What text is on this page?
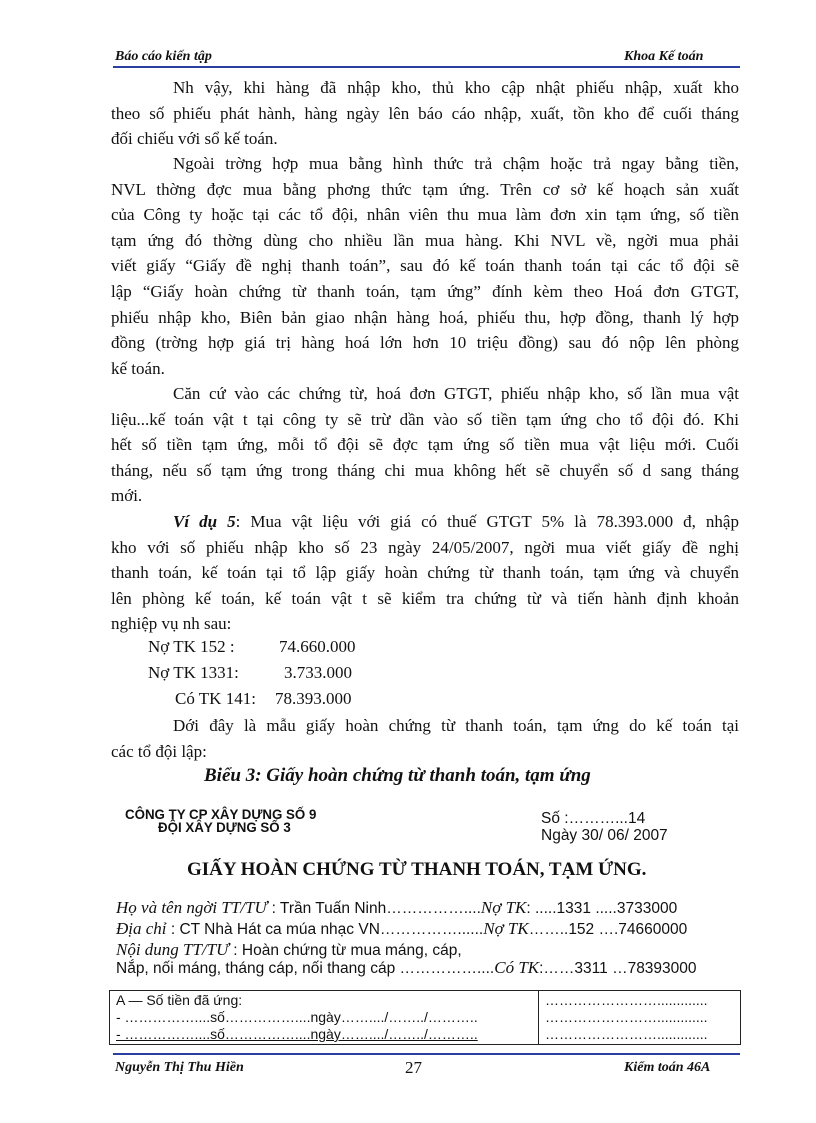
Báo cáo kiến tập	Khoa Kế toán
Nh vậy, khi hàng đã nhập kho, thủ kho cập nhật phiếu nhập, xuất kho
theo số phiếu phát hành, hàng ngày lên báo cáo nhập, xuất, tồn kho để cuối tháng
đối chiếu với sổ kế toán.
Ngoài trờng hợp mua bằng hình thức trả chậm hoặc trả ngay bằng tiền,
NVL thờng đợc mua bằng phơng thức tạm ứng. Trên cơ sở kế hoạch sản xuất
của Công ty hoặc tại các tổ đội, nhân viên thu mua làm đơn xin tạm ứng, số tiền
tạm ứng đó thờng dùng cho nhiều lần mua hàng. Khi NVL về, ngời mua phải
viết giấy “Giấy đề nghị thanh toán”, sau đó kế toán thanh toán tại các tổ đội sẽ
lập “Giấy hoàn chứng từ thanh toán, tạm ứng” đính kèm theo Hoá đơn GTGT,
phiếu nhập kho, Biên bản giao nhận hàng hoá, phiếu thu, hợp đồng, thanh lý hợp
đồng (trờng hợp giá trị hàng hoá lớn hơn 10 triệu đồng) sau đó nộp lên phòng
kế toán.
Căn cứ vào các chứng từ, hoá đơn GTGT, phiếu nhập kho, số lần mua vật
liệu...kế toán vật t tại công ty sẽ trừ dần vào số tiền tạm ứng cho tổ đội đó. Khi
hết số tiền tạm ứng, mỗi tổ đội sẽ đợc tạm ứng số tiền mua vật liệu mới. Cuối
tháng, nếu số tạm ứng trong tháng chi mua không hết sẽ chuyển số d sang tháng
mới.
Ví dụ 5: Mua vật liệu với giá có thuế GTGT 5% là 78.393.000 đ, nhập
kho với số phiếu nhập kho số 23 ngày 24/05/2007, ngời mua viết giấy đề nghị
thanh toán, kế toán tại tổ lập giấy hoàn chứng từ thanh toán, tạm ứng và chuyển
lên phòng kế toán, kế toán vật t sẽ kiểm tra chứng từ và tiến hành định khoản
nghiệp vụ nh sau:
Nợ TK 152 :	74.660.000
Nợ TK 1331:	3.733.000
Có TK 141: 78.393.000
Dới đây là mẫu giấy hoàn chứng từ thanh toán, tạm ứng do kế toán tại
các tổ đội lập:
Biểu 3: Giấy hoàn chứng từ thanh toán, tạm ứng
CÔNG TY CP XÂY DỰNG SỐ 9
ĐỘI XÂY DỰNG SỐ 3	Số :………...14
Ngày 30/ 06/ 2007
GIẤY HOÀN CHỨNG TỪ THANH TOÁN, TẠM ỨNG.
Họ và tên ngời TT/TƯ : Trần Tuấn Ninh……………....Nợ TK: .....1331 .....3733000
Địa chỉ : CT Nhà Hát ca múa nhạc VN……………......Nợ TK……..152 ….74660000
Nội dung TT/TƯ : Hoàn chứng từ mua máng, cáp,
Nắp, nối máng, tháng cáp, nối thang cáp ……………....Có TK:……3311 …78393000
A — Số tiền đã ứng:
- ……………....số……………....ngày……..../……../………..
- ……………....số……………....ngày……..../……../………..

…………………….............
…………………….............
…………………….............
Nguyễn Thị Thu Hiền	27	Kiểm toán 46A
